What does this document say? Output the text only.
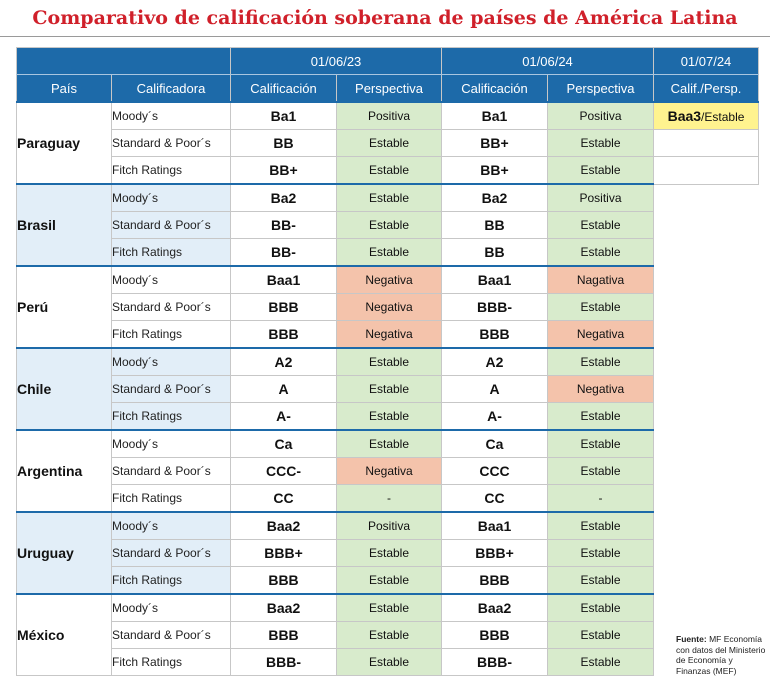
Comparativo de calificación soberana de países de América Latina
		01/06/23		01/06/24		01/07/24
País	Calificadora	Calificación	Perspectiva	Calificación	Perspectiva	Calif./Persp.
Paraguay	Moody´s	Ba1	Positiva	Ba1	Positiva	Baa3/Estable
	Standard & Poor´s	BB	Estable	BB+	Estable	
	Fitch Ratings	BB+	Estable	BB+	Estable	
Brasil	Moody´s	Ba2	Estable	Ba2	Positiva	
	Standard & Poor´s	BB-	Estable	BB	Estable	
	Fitch Ratings	BB-	Estable	BB	Estable	
Perú	Moody´s	Baa1	Negativa	Baa1	Nagativa	
	Standard & Poor´s	BBB	Negativa	BBB-	Estable	
	Fitch Ratings	BBB	Negativa	BBB	Negativa	
Chile	Moody´s	A2	Estable	A2	Estable	
	Standard & Poor´s	A	Estable	A	Negativa	
	Fitch Ratings	A-	Estable	A-	Estable	
Argentina	Moody´s	Ca	Estable	Ca	Estable	
	Standard & Poor´s	CCC-	Negativa	CCC	Estable	
	Fitch Ratings	CC	-	CC	-	
Uruguay	Moody´s	Baa2	Positiva	Baa1	Estable	
	Standard & Poor´s	BBB+	Estable	BBB+	Estable	
	Fitch Ratings	BBB	Estable	BBB	Estable	
México	Moody´s	Baa2	Estable	Baa2	Estable	
	Standard & Poor´s	BBB	Estable	BBB	Estable	
	Fitch Ratings	BBB-	Estable	BBB-	Estable	
Fuente: MF Economía con datos del Ministerio de Economía y Finanzas (MEF)
